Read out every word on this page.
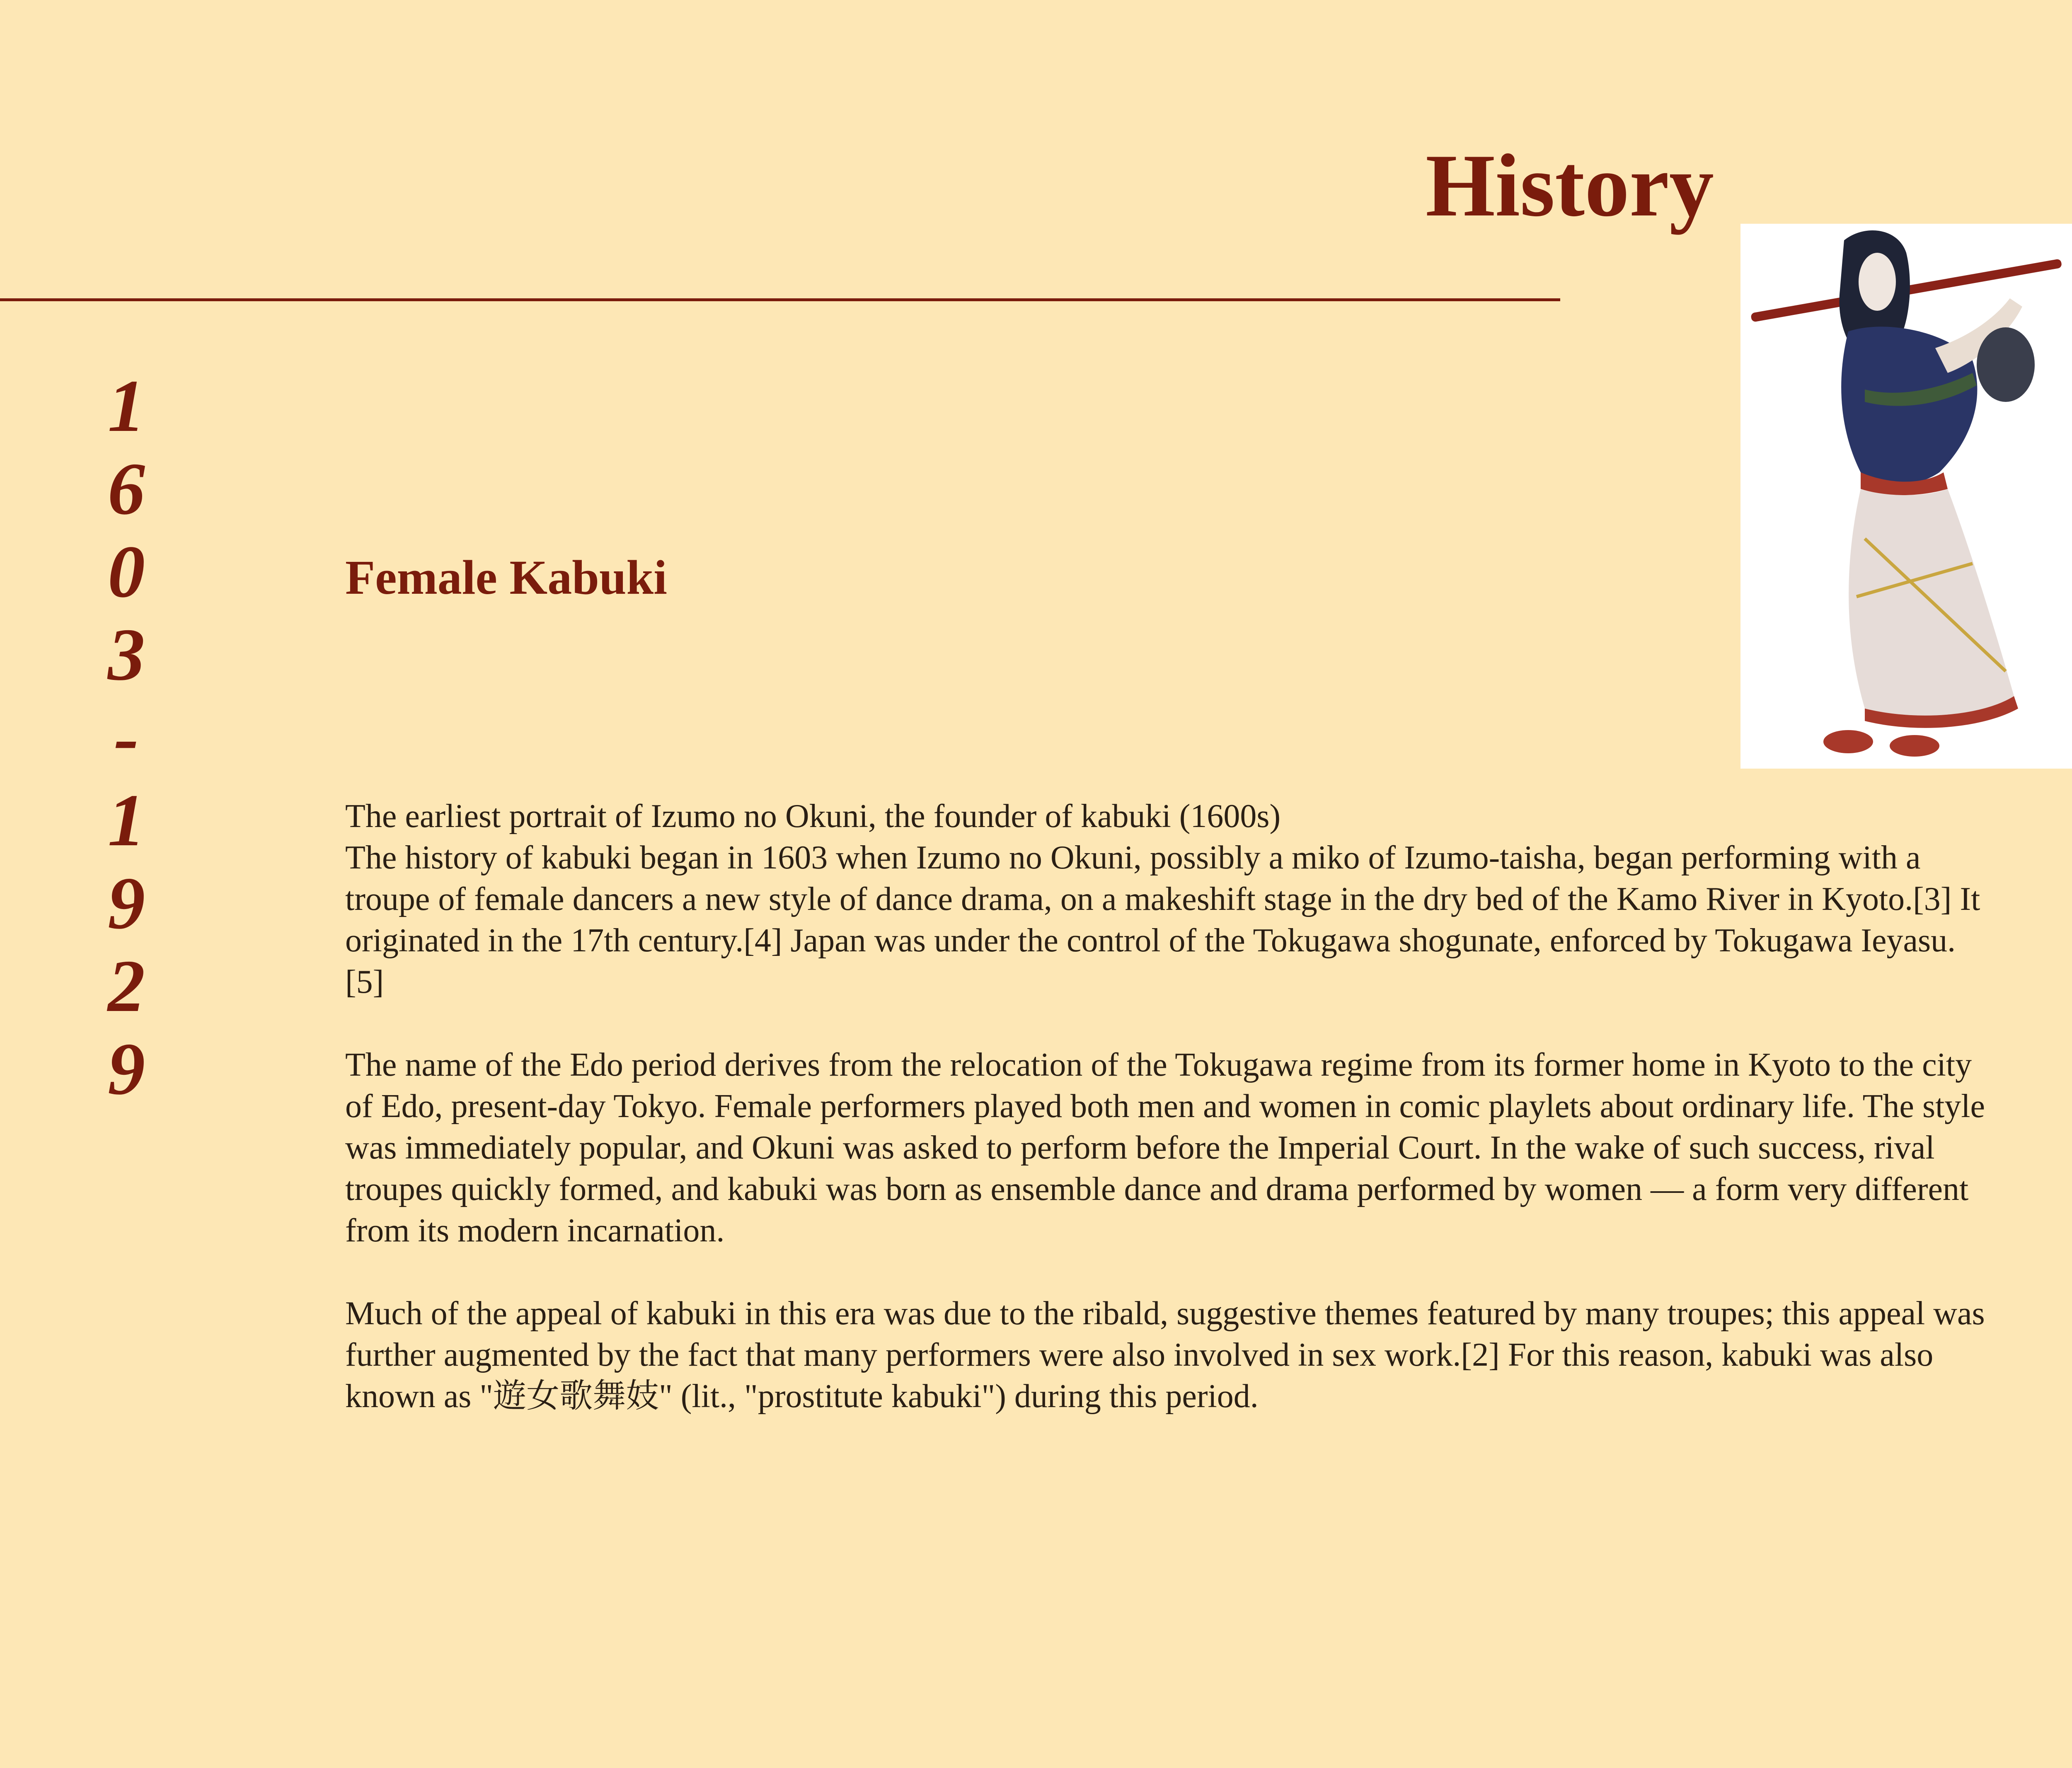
History
1
6
0
3
-
1
9
2
9
Female Kabuki

The earliest portrait of Izumo no Okuni, the founder of kabuki (1600s)

The history of kabuki began in 1603 when Izumo no Okuni, possibly a miko of Izumo-taisha, began performing with a troupe of female dancers a new style of dance drama, on a makeshift stage in the dry bed of the Kamo River in Kyoto.[3] It originated in the 17th century.[4] Japan was under the control of the Tokugawa shogunate, enforced by Tokugawa Ieyasu.[5]

The name of the Edo period derives from the relocation of the Tokugawa regime from its former home in Kyoto to the city of Edo, present-day Tokyo. Female performers played both men and women in comic playlets about ordinary life. The style was immediately popular, and Okuni was asked to perform before the Imperial Court. In the wake of such success, rival troupes quickly formed, and kabuki was born as ensemble dance and drama performed by women — a form very different from its modern incarnation.

Much of the appeal of kabuki in this era was due to the ribald, suggestive themes featured by many troupes; this appeal was further augmented by the fact that many performers were also involved in sex work.[2] For this reason, kabuki was also known as "遊女歌舞妓" (lit., "prostitute kabuki") during this period.
